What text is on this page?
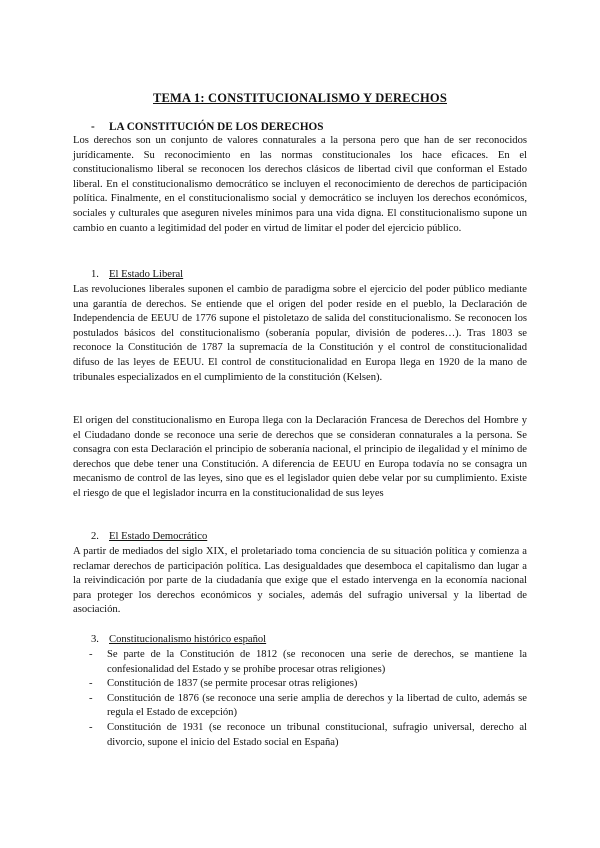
TEMA 1: CONSTITUCIONALISMO Y DERECHOS
- LA CONSTITUCIÓN DE LOS DERECHOS
Los derechos son un conjunto de valores connaturales a la persona pero que han de ser reconocidos jurídicamente. Su reconocimiento en las normas constitucionales los hace eficaces. En el constitucionalismo liberal se reconocen los derechos clásicos de libertad civil que conforman el Estado liberal. En el constitucionalismo democrático se incluyen el reconocimiento de derechos de participación política. Finalmente, en el constitucionalismo social y democrático se incluyen los derechos económicos, sociales y culturales que aseguren niveles mínimos para una vida digna. El constitucionalismo supone un cambio en cuanto a legitimidad del poder en virtud de limitar el poder del ejercicio público.
1. El Estado Liberal
Las revoluciones liberales suponen el cambio de paradigma sobre el ejercicio del poder público mediante una garantía de derechos. Se entiende que el origen del poder reside en el pueblo, la Declaración de Independencia de EEUU de 1776 supone el pistoletazo de salida del constitucionalismo. Se reconocen los postulados básicos del constitucionalismo (soberanía popular, división de poderes…). Tras 1803 se reconoce la Constitución de 1787 la supremacía de la Constitución y el control de constitucionalidad difuso de las leyes de EEUU. El control de constitucionalidad en Europa llega en 1920 de la mano de tribunales especializados en el cumplimiento de la constitución (Kelsen).
El origen del constitucionalismo en Europa llega con la Declaración Francesa de Derechos del Hombre y el Ciudadano donde se reconoce una serie de derechos que se consideran connaturales a la persona. Se consagra con esta Declaración el principio de soberanía nacional, el principio de ilegalidad y el mínimo de derechos que debe tener una Constitución. A diferencia de EEUU en Europa todavía no se consagra un mecanismo de control de las leyes, sino que es el legislador quien debe velar por su cumplimiento. Existe el riesgo de que el legislador incurra en la constitucionalidad de sus leyes
2. El Estado Democrático
A partir de mediados del siglo XIX, el proletariado toma conciencia de su situación política y comienza a reclamar derechos de participación política. Las desigualdades que desemboca el capitalismo dan lugar a la reivindicación por parte de la ciudadanía que exige que el estado intervenga en la economía nacional para proteger los derechos económicos y sociales, además del sufragio universal y la libertad de asociación.
3. Constitucionalismo histórico español
- Se parte de la Constitución de 1812 (se reconocen una serie de derechos, se mantiene la confesionalidad del Estado y se prohíbe procesar otras religiones)
- Constitución de 1837 (se permite procesar otras religiones)
- Constitución de 1876 (se reconoce una serie amplia de derechos y la libertad de culto, además se regula el Estado de excepción)
- Constitución de 1931 (se reconoce un tribunal constitucional, sufragio universal, derecho al divorcio, supone el inicio del Estado social en España)
